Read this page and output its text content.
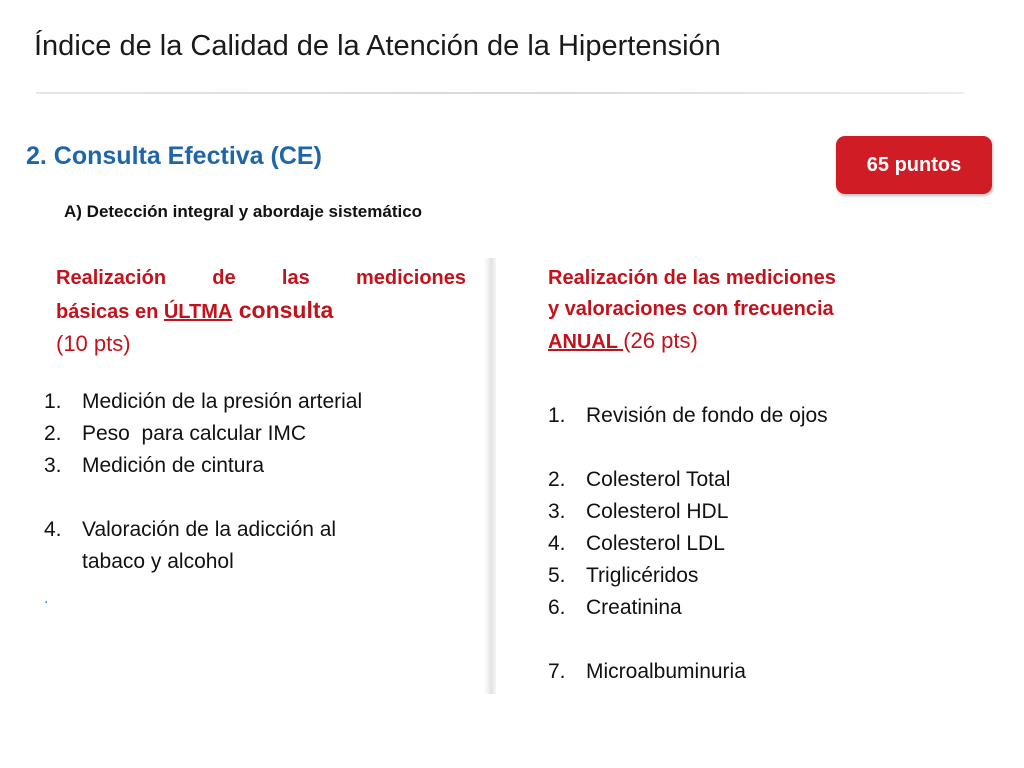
Índice de la Calidad de la Atención de la Hipertensión
2. Consulta Efectiva (CE)	65 puntos
A) Detección integral y abordaje sistemático
Realización de las mediciones
básicas en ÚLTMA consulta
(10 pts)
1. Medición de la presión arterial
2. Peso  para calcular IMC
3. Medición de cintura
4. Valoración de la adicción al tabaco y alcohol
.
Realización de las mediciones
y valoraciones con frecuencia
ANUAL (26 pts)
1. Revisión de fondo de ojos
2. Colesterol Total
3. Colesterol HDL
4. Colesterol LDL
5. Triglicéridos
6. Creatinina
7. Microalbuminuria
